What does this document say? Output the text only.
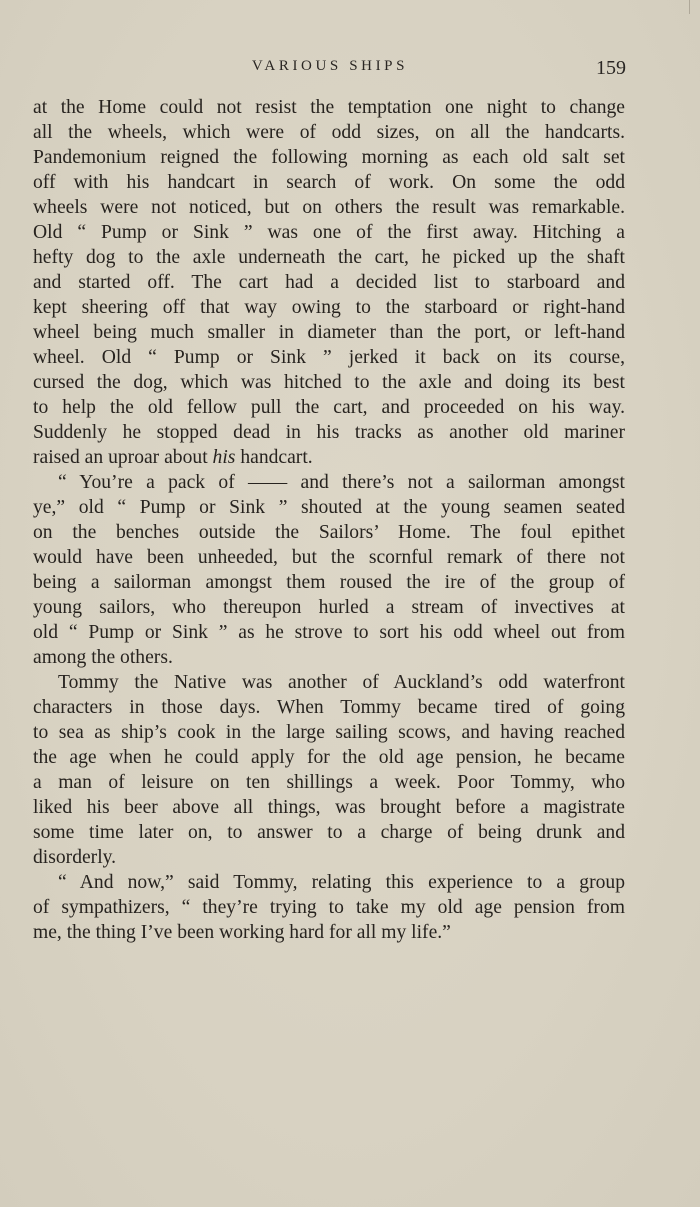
VARIOUS SHIPS	159
at the Home could not resist the temptation one night to change
all the wheels, which were of odd sizes, on all the handcarts.
Pandemonium reigned the following morning as each old salt set
off with his handcart in search of work. On some the odd
wheels were not noticed, but on others the result was remarkable.
Old “ Pump or Sink ” was one of the first away. Hitching a
hefty dog to the axle underneath the cart, he picked up the shaft
and started off. The cart had a decided list to starboard and
kept sheering off that way owing to the starboard or right-hand
wheel being much smaller in diameter than the port, or left-hand
wheel. Old “ Pump or Sink ” jerked it back on its course,
cursed the dog, which was hitched to the axle and doing its best
to help the old fellow pull the cart, and proceeded on his way.
Suddenly he stopped dead in his tracks as another old mariner
raised an uproar about his handcart.
“ You’re a pack of —— and there’s not a sailorman amongst
ye,” old “ Pump or Sink ” shouted at the young seamen seated
on the benches outside the Sailors’ Home. The foul epithet
would have been unheeded, but the scornful remark of there not
being a sailorman amongst them roused the ire of the group of
young sailors, who thereupon hurled a stream of invectives at
old “ Pump or Sink ” as he strove to sort his odd wheel out from
among the others.
Tommy the Native was another of Auckland’s odd waterfront
characters in those days. When Tommy became tired of going
to sea as ship’s cook in the large sailing scows, and having reached
the age when he could apply for the old age pension, he became
a man of leisure on ten shillings a week. Poor Tommy, who
liked his beer above all things, was brought before a magistrate
some time later on, to answer to a charge of being drunk and
disorderly.
“ And now,” said Tommy, relating this experience to a group
of sympathizers, “ they’re trying to take my old age pension from
me, the thing I’ve been working hard for all my life.”
